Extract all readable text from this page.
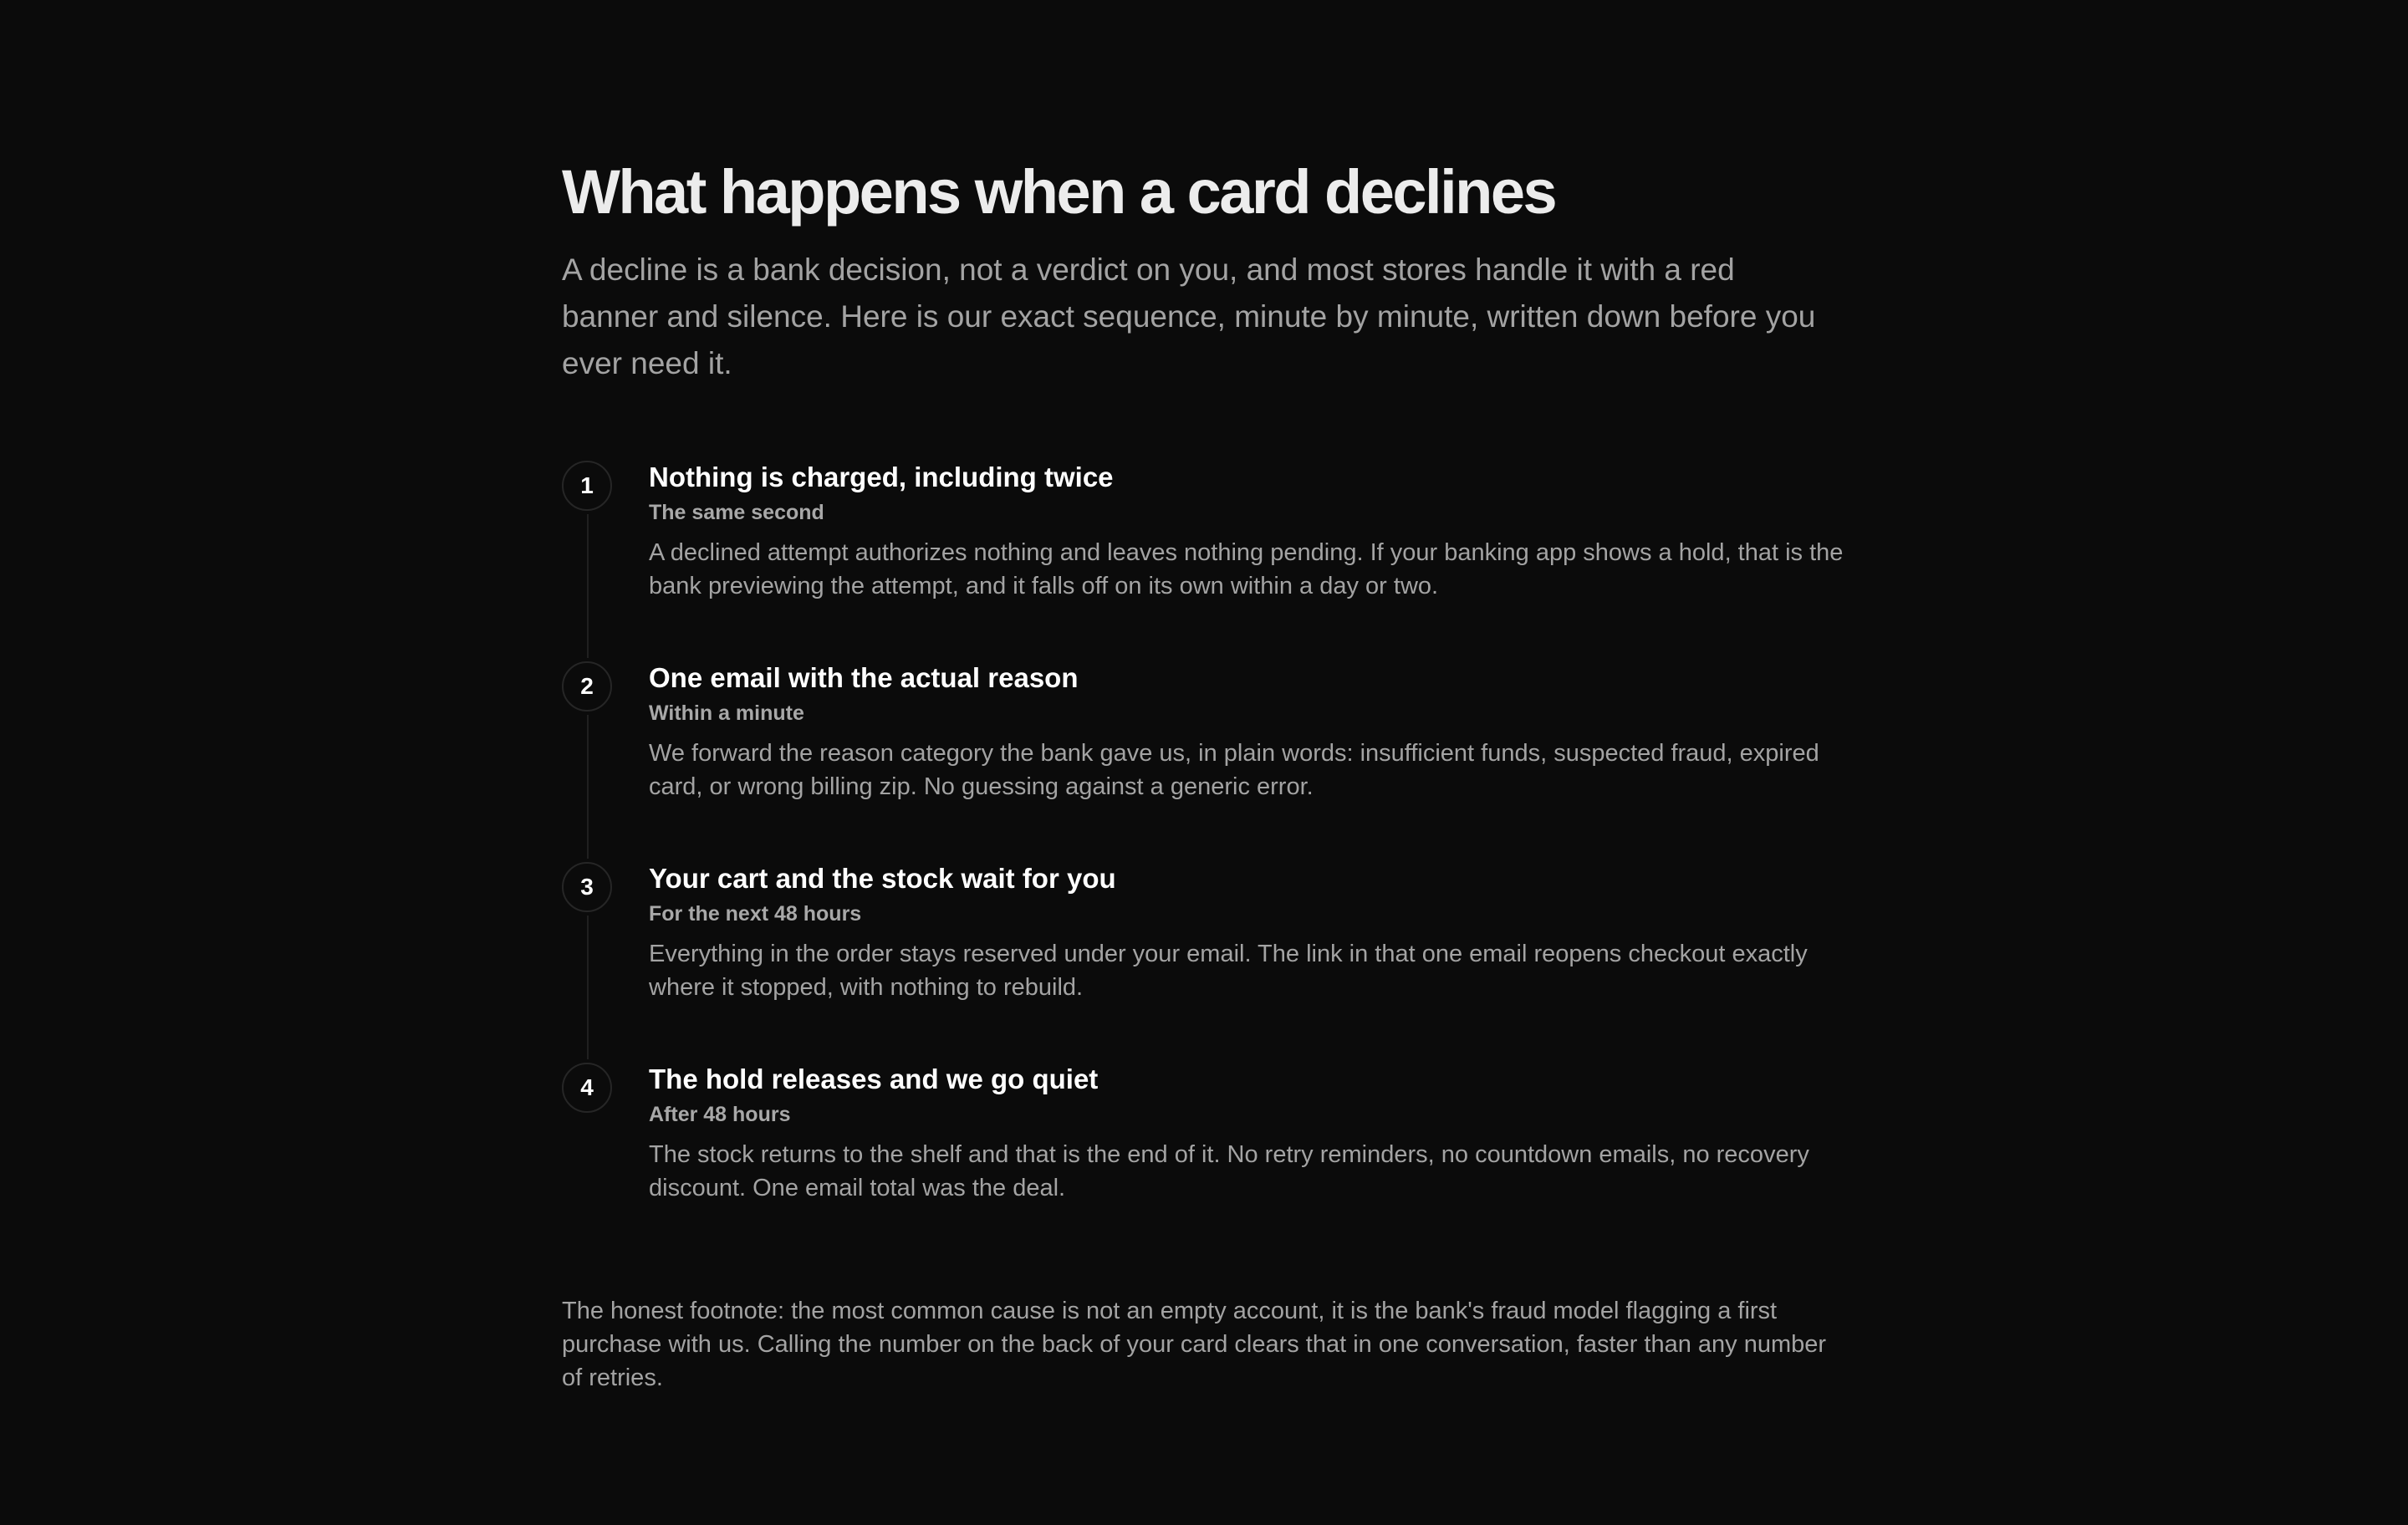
What happens when a card declines

A decline is a bank decision, not a verdict on you, and most stores handle it with a red banner and silence. Here is our exact sequence, minute by minute, written down before you ever need it.

1	Nothing is charged, including twice

The same second

A declined attempt authorizes nothing and leaves nothing pending. If your banking app shows a hold, that is the bank previewing the attempt, and it falls off on its own within a day or two.

2	One email with the actual reason

Within a minute

We forward the reason category the bank gave us, in plain words: insufficient funds, suspected fraud, expired card, or wrong billing zip. No guessing against a generic error.

3	Your cart and the stock wait for you

For the next 48 hours

Everything in the order stays reserved under your email. The link in that one email reopens checkout exactly where it stopped, with nothing to rebuild.

4	The hold releases and we go quiet

After 48 hours

The stock returns to the shelf and that is the end of it. No retry reminders, no countdown emails, no recovery discount. One email total was the deal.

The honest footnote: the most common cause is not an empty account, it is the bank's fraud model flagging a first purchase with us. Calling the number on the back of your card clears that in one conversation, faster than any number of retries.
